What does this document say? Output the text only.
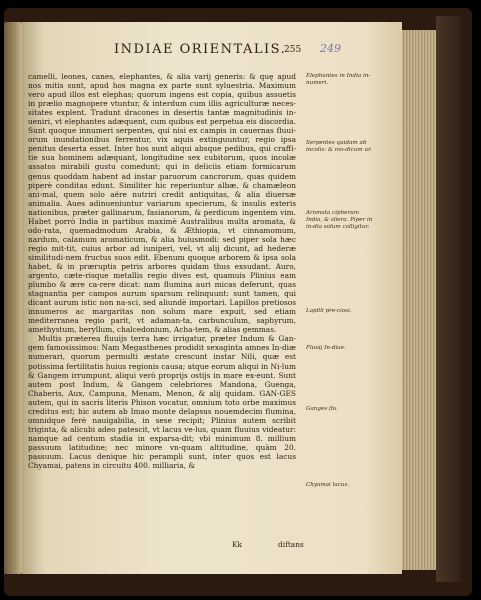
INDIAE ORIENTALIS.
255 249

camelli, leones, canes, elephantes, & alia varij generis: & quę apud nos mitis sunt, apud hos magna ex parte sunt syluestria. Maximum vero apud illos est elephas; quorum ingens est copia, quibus assuetis in prælio magnopere vtuntur, & interdum cum illis agriculturæ neces-sitates explent. Tradunt dracones in desertis tantæ magnitudinis in-ueniri, vt elephantes adæquent, cum quibus est perpetua eis discordia. Sunt quoque innumeri serpentes, qui nisi ex campis in cauernas fluui-orum inundationibus ferrentur, vix aquis extinguuntur, regio ipsa penitus deserta esset. Inter hos sunt aliqui absque pedibus, qui craffi-tie sua hominem adæquant, longitudine sex cubitorum, quos incolæ assatos mirabili gustu comedunt; qui in deliciis etiam formicarum genus quoddam habent ad instar paruorum cancrorum, quas quidem piperè conditas edunt. Similiter hic reperiuntur albæ, & chamæleon ani-mal, quem solo aëre nutriri credit antiquitas, & alia diuersæ animalia. Aues adinueniuntur variarum specierum, & insulis exteris nationibus, præter gallinarum, fasianorum, & perdicum ingentem vim. Habet porrò India in partibus maximè Australibus multa aromata, & odo-rata, quemadmodum Arabia, & Æthiopia, vt cinnamomum, nardum, calamum aromaticum, & alia huiusmodi: sed piper sola hæc regio mit-tit, cuius arbor ad iuniperi, vel, vt alij dicunt, ad hederæ similitudi-nem fructus suos edit. Ebenum quoque arborem & ipsa sola habet, & in præruptis petris arbores quidam thus exsudant. Auro, argento, cæte-risque metallis regio dives est, quamuis Plinius eam plumbo & ære ca-rere dicat: nam flumina auri micas deferunt, quas stagnantia per campos aurum sparsum relinquunt: sunt tamen, qui dicant aurum istic non na-sci, sed aliundè importari. Lapillos pretiosos innumeros ac margaritas non solum mare expuit, sed etiam mediterranea regio parit, vt adaman-ta, carbunculum, saphyrum, amethystum, beryllum, chalcedonium, Acha-tem, & alias gemmas.

Multis præterea fluuijs terra hæc irrigatur, præter Indum & Gan-gem famosissimos: Nam Megasthenes prodidit sexaginta amnes In-diæ numerari, quorum permulti æstate crescunt instar Nili, quæ est potissima fertilitatis huius regionis causa; atque eorum aliqui in Ni-lum & Gangem irrumpunt, aliqui verò proprijs ostijs in mare ex-eunt. Sunt autem post Indum, & Gangem celebriores Mandona, Guenga, Chaberis, Aux, Campuna, Menam, Menon, & alij quidam. GAN-GES autem, qui in sacris literis Phison vocatur, omnium toto orbe maximus creditus est; hic autem ab Imao monte delapsus nouemdecim flumina, omnidque ferè nauigabilia, in sese recipit; Plinius autem scribit triginta, & alicubi adeo patescit, vt lacus ve-lus, quam fluuius videatur: namque ad centum stadia in exparsa-dit; vbi minimum 8. millium passuum latitudine; nec minore vn-quam altitudine, quàm 20. passuum. Lacus denique hic perampli sunt, inter quos est lacus Chyamai, patens in circuitu 400. milliaria, &

Elephantes in India in-numeri.
Serpentes quidam ab incolis: & mo-dicum ur.
Aromata cipherum India, & sliera. Piper in in-dia solum colligitur.
Lapilli pre-ciosi.
Fluuij In-diae.
Ganges flu.
Chyamai lacus.
Kk	diftans
